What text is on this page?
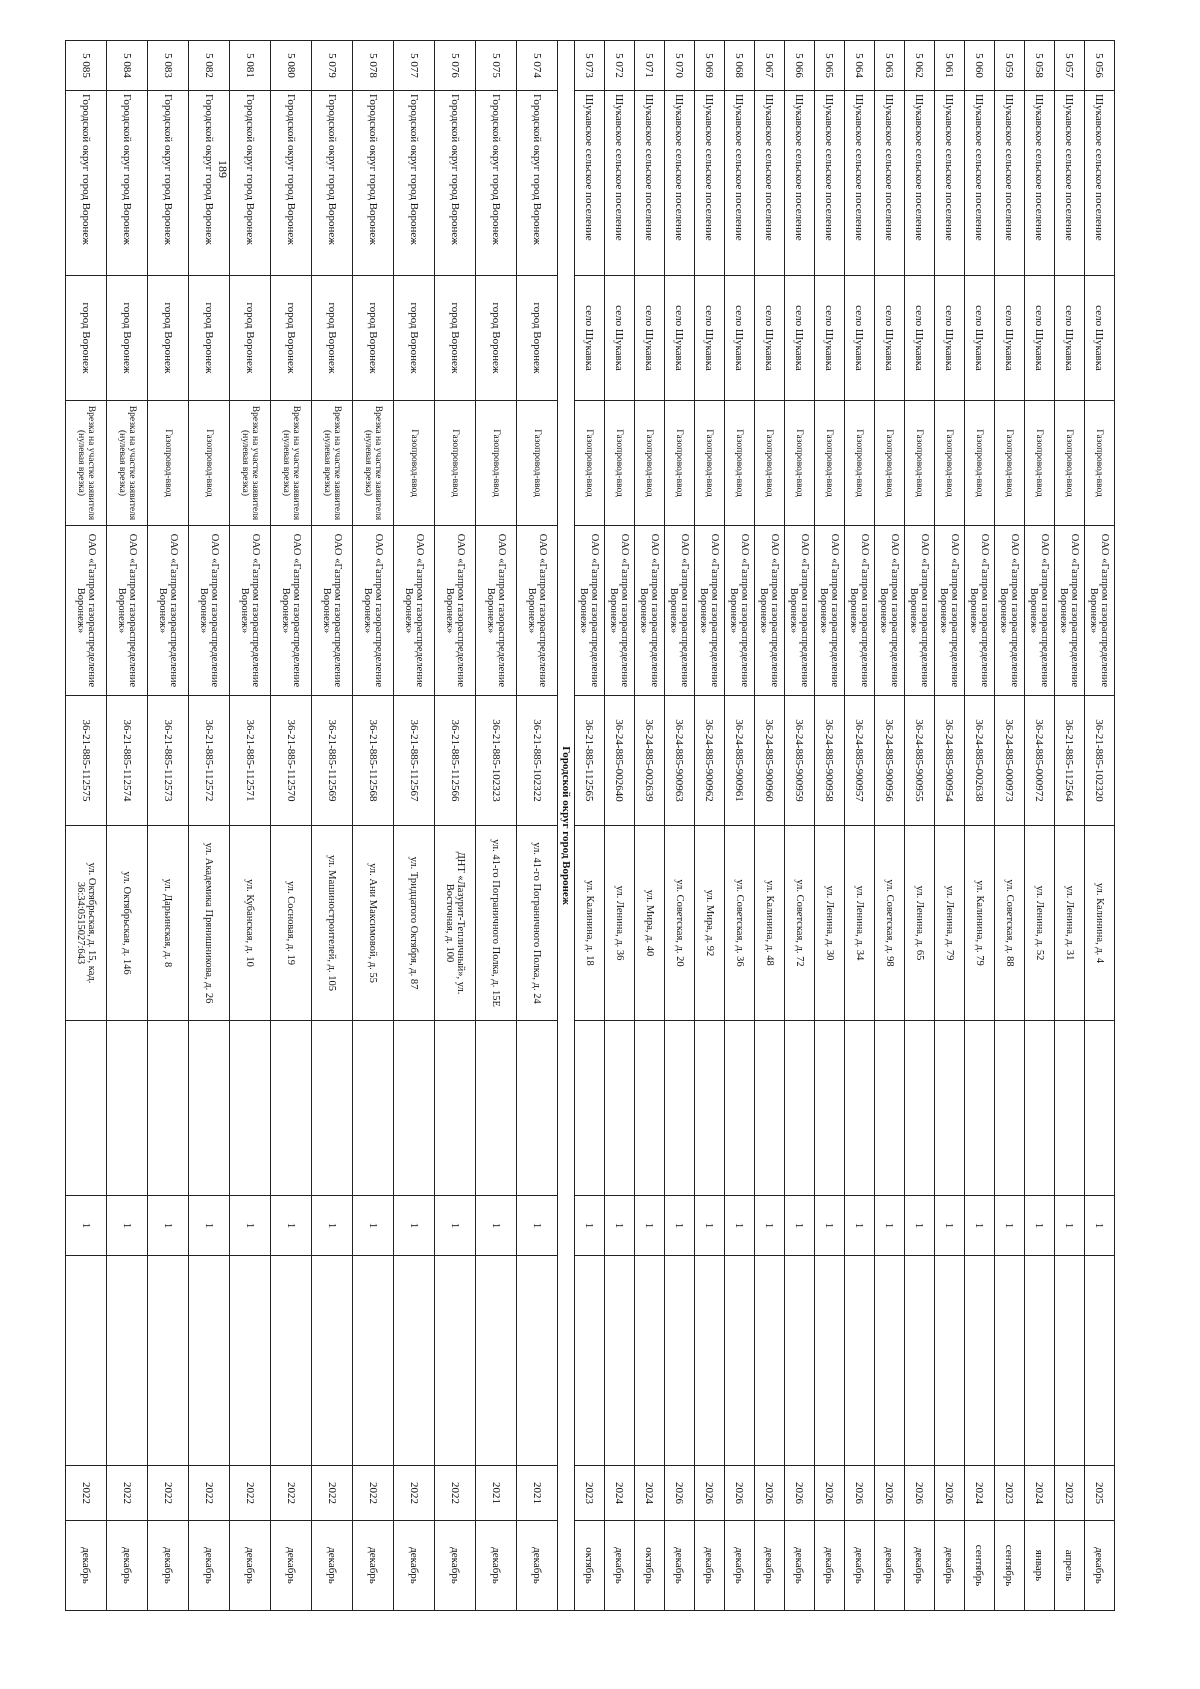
189
5 056	Шукавское сельское поселение	село Шукавка	Газопровод-ввод	ОАО «Газпром газораспределение Воронеж»	36-21-885-102320	ул. Калинина, д. 4		1		2025	декабрь
5 057	Шукавское сельское поселение	село Шукавка	Газопровод-ввод	ОАО «Газпром газораспределение Воронеж»	36-21-885-112564	ул. Ленина, д. 31		1		2023	апрель
5 058	Шукавское сельское поселение	село Шукавка	Газопровод-ввод	ОАО «Газпром газораспределение Воронеж»	36-24-885-000972	ул. Ленина, д. 52		1		2024	январь
5 059	Шукавское сельское поселение	село Шукавка	Газопровод-ввод	ОАО «Газпром газораспределение Воронеж»	36-24-885-000973	ул. Советская, д. 88		1		2023	сентябрь
5 060	Шукавское сельское поселение	село Шукавка	Газопровод-ввод	ОАО «Газпром газораспределение Воронеж»	36-24-885-002638	ул. Калинина, д. 79		1		2024	сентябрь
5 061	Шукавское сельское поселение	село Шукавка	Газопровод-ввод	ОАО «Газпром газораспределение Воронеж»	36-24-885-900954	ул. Ленина, д. 79		1		2026	декабрь
5 062	Шукавское сельское поселение	село Шукавка	Газопровод-ввод	ОАО «Газпром газораспределение Воронеж»	36-24-885-900955	ул. Ленина, д. 65		1		2026	декабрь
5 063	Шукавское сельское поселение	село Шукавка	Газопровод-ввод	ОАО «Газпром газораспределение Воронеж»	36-24-885-900956	ул. Советская, д. 98		1		2026	декабрь
5 064	Шукавское сельское поселение	село Шукавка	Газопровод-ввод	ОАО «Газпром газораспределение Воронеж»	36-24-885-900957	ул. Ленина, д. 34		1		2026	декабрь
5 065	Шукавское сельское поселение	село Шукавка	Газопровод-ввод	ОАО «Газпром газораспределение Воронеж»	36-24-885-900958	ул. Ленина, д. 30		1		2026	декабрь
5 066	Шукавское сельское поселение	село Шукавка	Газопровод-ввод	ОАО «Газпром газораспределение Воронеж»	36-24-885-900959	ул. Советская, д. 72		1		2026	декабрь
5 067	Шукавское сельское поселение	село Шукавка	Газопровод-ввод	ОАО «Газпром газораспределение Воронеж»	36-24-885-900960	ул. Калинина, д. 48		1		2026	декабрь
5 068	Шукавское сельское поселение	село Шукавка	Газопровод-ввод	ОАО «Газпром газораспределение Воронеж»	36-24-885-900961	ул. Советская, д. 36		1		2026	декабрь
5 069	Шукавское сельское поселение	село Шукавка	Газопровод-ввод	ОАО «Газпром газораспределение Воронеж»	36-24-885-900962	ул. Мира, д. 92		1		2026	декабрь
5 070	Шукавское сельское поселение	село Шукавка	Газопровод-ввод	ОАО «Газпром газораспределение Воронеж»	36-24-885-900963	ул. Советская, д. 20		1		2026	декабрь
5 071	Шукавское сельское поселение	село Шукавка	Газопровод-ввод	ОАО «Газпром газораспределение Воронеж»	36-24-885-002639	ул. Мира, д. 40		1		2024	октябрь
5 072	Шукавское сельское поселение	село Шукавка	Газопровод-ввод	ОАО «Газпром газораспределение Воронеж»	36-24-885-002640	ул. Ленина, д. 36		1		2024	декабрь
5 073	Шукавское сельское поселение	село Шукавка	Газопровод-ввод	ОАО «Газпром газораспределение Воронеж»	36-21-885-112565	ул. Калинина, д. 18		1		2023	октябрь
Городской округ город Воронеж											
5 074	Городской округ город Воронеж	город Воронеж	Газопровод-ввод	ОАО «Газпром газораспределение Воронеж»	36-21-885-102322	ул. 41-го Пограничного Полка, д. 24		1		2021	декабрь
5 075	Городской округ город Воронеж	город Воронеж	Газопровод-ввод	ОАО «Газпром газораспределение Воронеж»	36-21-885-102323	ул. 41-го Пограничного Полка, д. 15Е		1		2021	декабрь
5 076	Городской округ город Воронеж	город Воронеж	Газопровод-ввод	ОАО «Газпром газораспределение Воронеж»	36-21-885-112566	ДНТ «Лазурит-Тепличный», ул. Восточная, д. 100		1		2022	декабрь
5 077	Городской округ город Воронеж	город Воронеж	Газопровод-ввод	ОАО «Газпром газораспределение Воронеж»	36-21-885-112567	ул. Тридцатого Октября, д. 87		1		2022	декабрь
5 078	Городской округ город Воронеж	город Воронеж	Врезка на участке заявителя (нулевая врезка)	ОАО «Газпром газораспределение Воронеж»	36-21-885-112568	ул. Ани Максимовой, д. 55		1		2022	декабрь
5 079	Городской округ город Воронеж	город Воронеж	Врезка на участке заявителя (нулевая врезка)	ОАО «Газпром газораспределение Воронеж»	36-21-885-112569	ул. Машиностроителей, д. 105		1		2022	декабрь
5 080	Городской округ город Воронеж	город Воронеж	Врезка на участке заявителя (нулевая врезка)	ОАО «Газпром газораспределение Воронеж»	36-21-885-112570	ул. Сосновая, д. 19		1		2022	декабрь
5 081	Городской округ город Воронеж	город Воронеж	Врезка на участке заявителя (нулевая врезка)	ОАО «Газпром газораспределение Воронеж»	36-21-885-112571	ул. Кубанская, д. 10		1		2022	декабрь
5 082	Городской округ город Воронеж	город Воронеж	Газопровод-ввод	ОАО «Газпром газораспределение Воронеж»	36-21-885-112572	ул. Академика Прянишникова, д. 26		1		2022	декабрь
5 083	Городской округ город Воронеж	город Воронеж	Газопровод-ввод	ОАО «Газпром газораспределение Воронеж»	36-21-885-112573	ул. Дарьинская, д. 8		1		2022	декабрь
5 084	Городской округ город Воронеж	город Воронеж	Врезка на участке заявителя (нулевая врезка)	ОАО «Газпром газораспределение Воронеж»	36-21-885-112574	ул. Октябрьская, д. 146		1		2022	декабрь
5 085	Городской округ город Воронеж	город Воронеж	Врезка на участке заявителя (нулевая врезка)	ОАО «Газпром газораспределение Воронеж»	36-21-885-112575	ул. Октябрьская, д. 15, кад. 36:34:0515027:643		1		2022	декабрь
